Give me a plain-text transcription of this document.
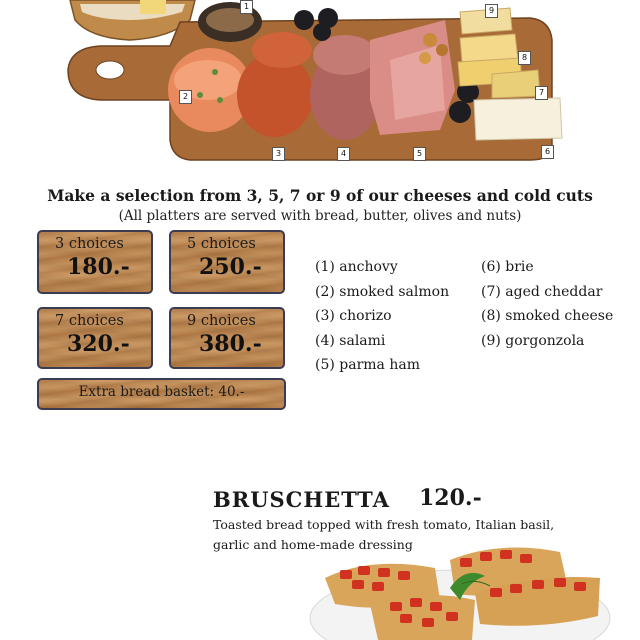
1
2
3	4	5	6
7
8
9
Make a selection from 3, 5, 7 or 9 of our cheeses and cold cuts
(All platters are served with bread, butter, olives and nuts)
3 choices
180.-
5 choices
250.-
7 choices
320.-
9 choices
380.-
Extra bread basket: 40.-
(1) anchovy
(2) smoked salmon
(3) chorizo
(4) salami
(5) parma ham
(6) brie
(7) aged cheddar
(8) smoked cheese
(9) gorgonzola
BRUSCHETTA 120.-
Toasted bread topped with fresh tomato, Italian basil,
garlic and home-made dressing
